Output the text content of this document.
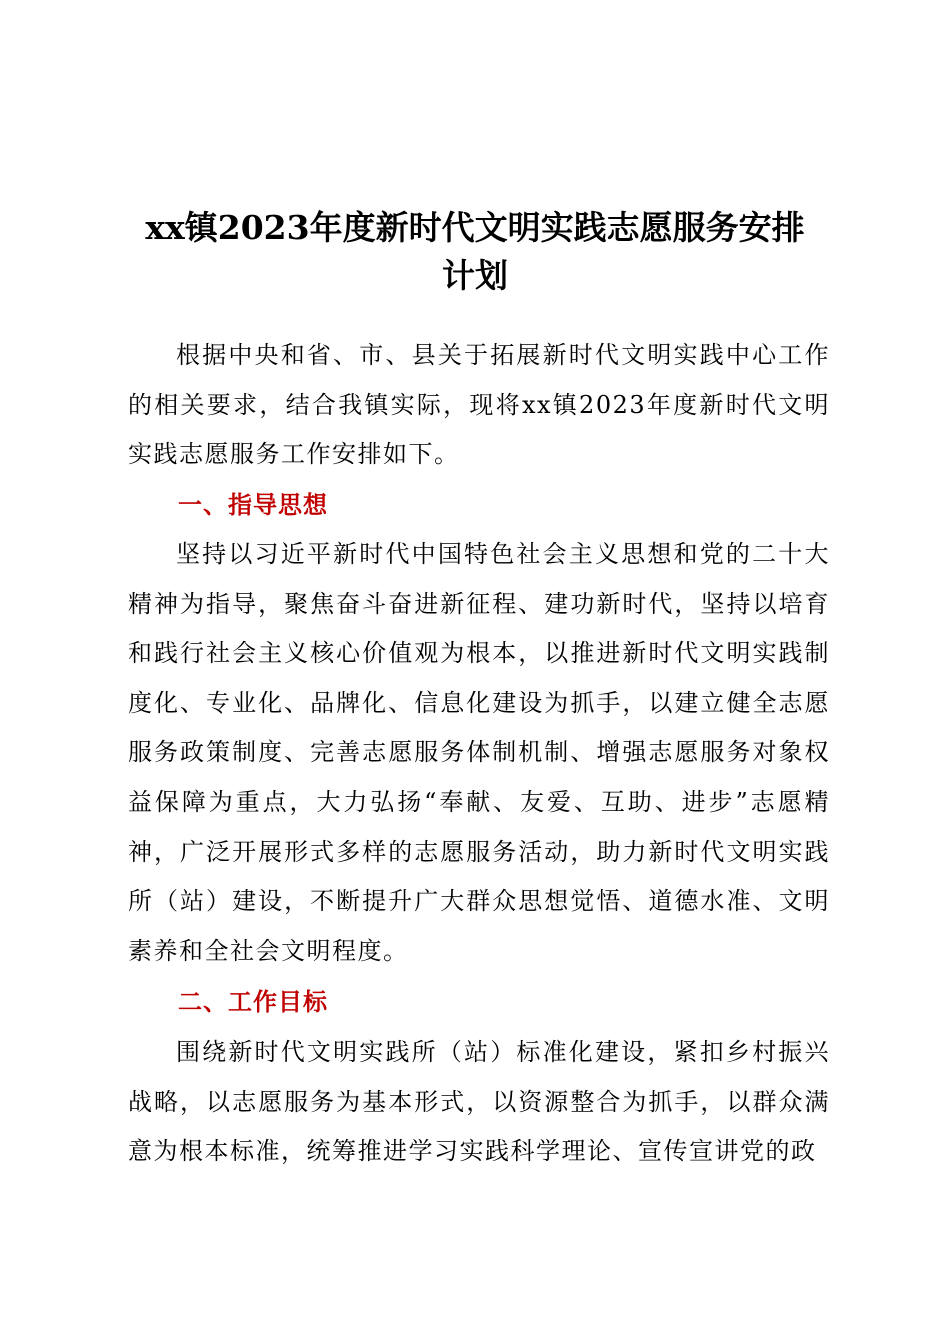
xx镇2023年度新时代文明实践志愿服务安排
计划

根据中央和省、市、县关于拓展新时代文明实践中心工作的相关要求，结合我镇实际，现将xx镇2023年度新时代文明实践志愿服务工作安排如下。

一、指导思想

坚持以习近平新时代中国特色社会主义思想和党的二十大精神为指导，聚焦奋斗奋进新征程、建功新时代，坚持以培育和践行社会主义核心价值观为根本，以推进新时代文明实践制度化、专业化、品牌化、信息化建设为抓手，以建立健全志愿服务政策制度、完善志愿服务体制机制、增强志愿服务对象权益保障为重点，大力弘扬“奉献、友爱、互助、进步”志愿精神，广泛开展形式多样的志愿服务活动，助力新时代文明实践所（站）建设，不断提升广大群众思想觉悟、道德水准、文明素养和全社会文明程度。

二、工作目标

围绕新时代文明实践所（站）标准化建设，紧扣乡村振兴战略，以志愿服务为基本形式，以资源整合为抓手，以群众满意为根本标准，统筹推进学习实践科学理论、宣传宣讲党的政
